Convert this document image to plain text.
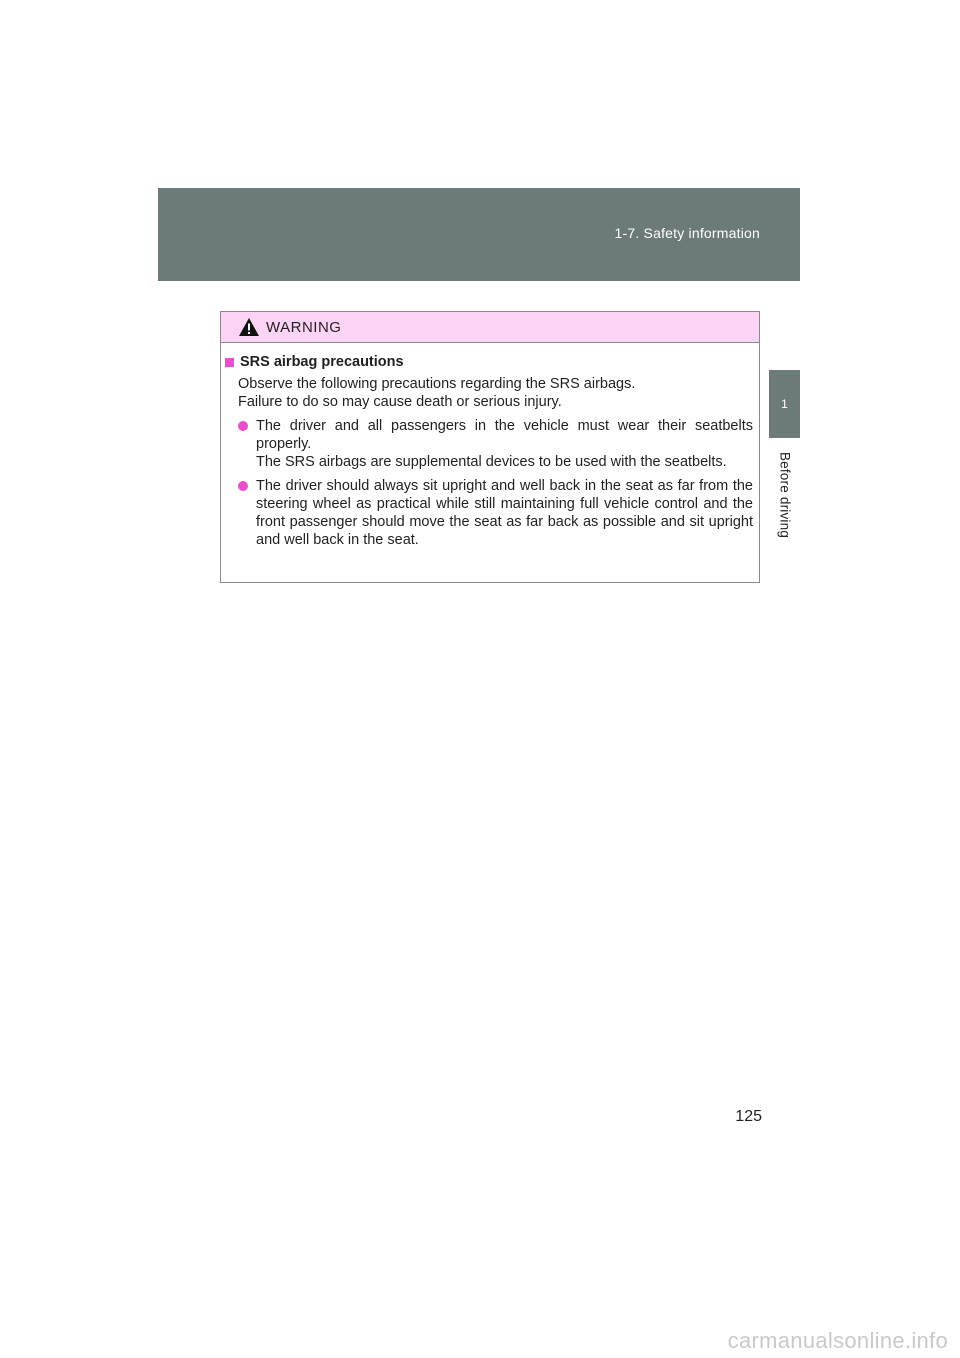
1-7. Safety information
1
Before driving
WARNING
SRS airbag precautions

Observe the following precautions regarding the SRS airbags.

Failure to do so may cause death or serious injury.

The driver and all passengers in the vehicle must wear their seatbelts properly.

The SRS airbags are supplemental devices to be used with the seatbelts.

The driver should always sit upright and well back in the seat as far from the steering wheel as practical while still maintaining full vehicle control and the front passenger should move the seat as far back as possible and sit upright and well back in the seat.

125
carmanualsonline.info
